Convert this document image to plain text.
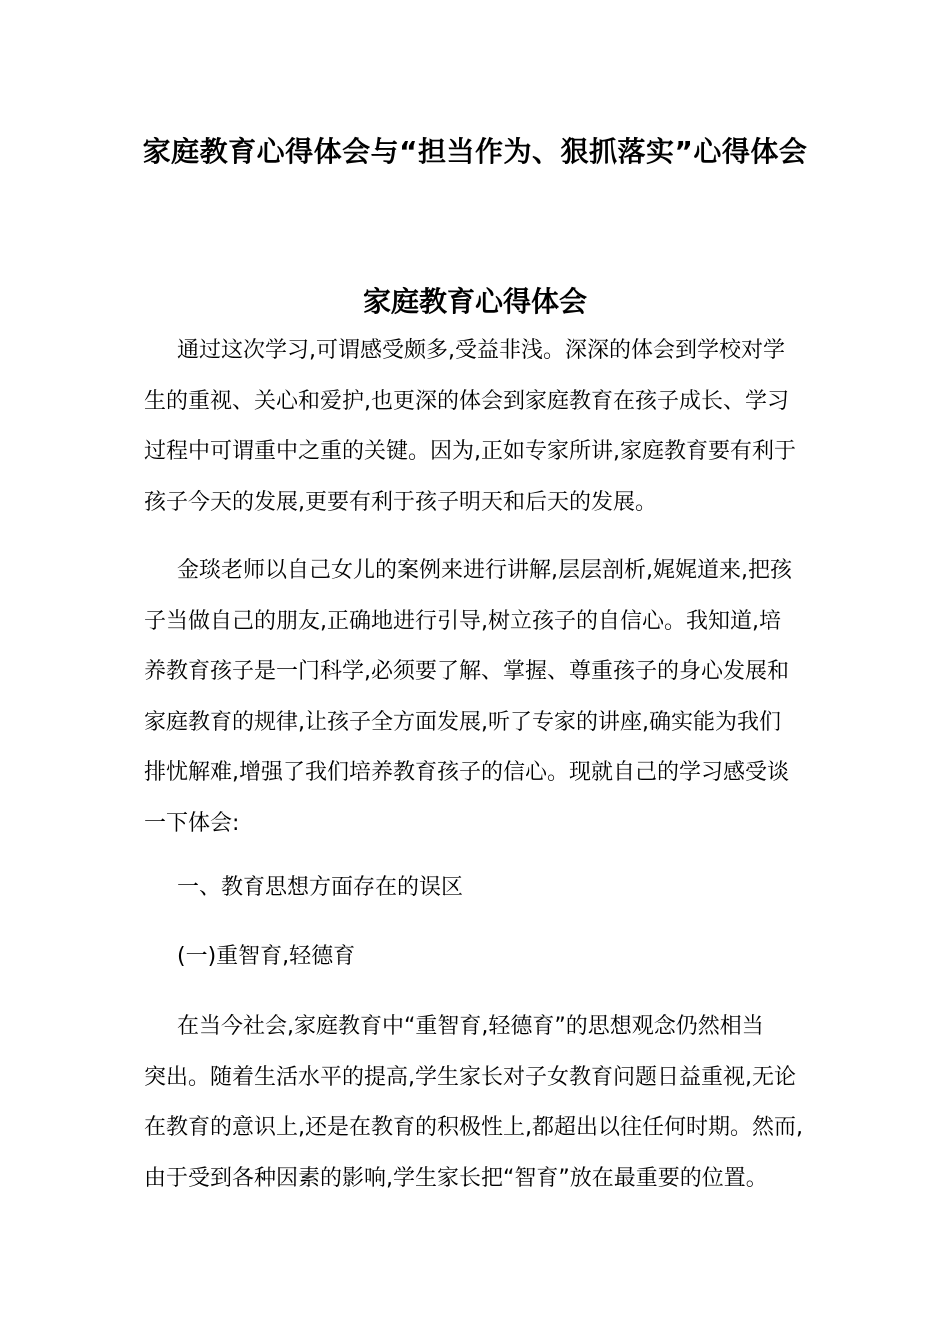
家庭教育心得体会与“担当作为、狠抓落实”心得体会
家庭教育心得体会
通过这次学习,可谓感受颇多,受益非浅。深深的体会到学校对学
生的重视、关心和爱护,也更深的体会到家庭教育在孩子成长、学习
过程中可谓重中之重的关键。因为,正如专家所讲,家庭教育要有利于
孩子今天的发展,更要有利于孩子明天和后天的发展。
金琰老师以自己女儿的案例来进行讲解,层层剖析,娓娓道来,把孩
子当做自己的朋友,正确地进行引导,树立孩子的自信心。我知道,培
养教育孩子是一门科学,必须要了解、掌握、尊重孩子的身心发展和
家庭教育的规律,让孩子全方面发展,听了专家的讲座,确实能为我们
排忧解难,增强了我们培养教育孩子的信心。现就自己的学习感受谈
一下体会:
一、教育思想方面存在的误区
(一)重智育,轻德育
在当今社会,家庭教育中“重智育,轻德育”的思想观念仍然相当
突出。随着生活水平的提高,学生家长对子女教育问题日益重视,无论
在教育的意识上,还是在教育的积极性上,都超出以往任何时期。然而,
由于受到各种因素的影响,学生家长把“智育”放在最重要的位置。
